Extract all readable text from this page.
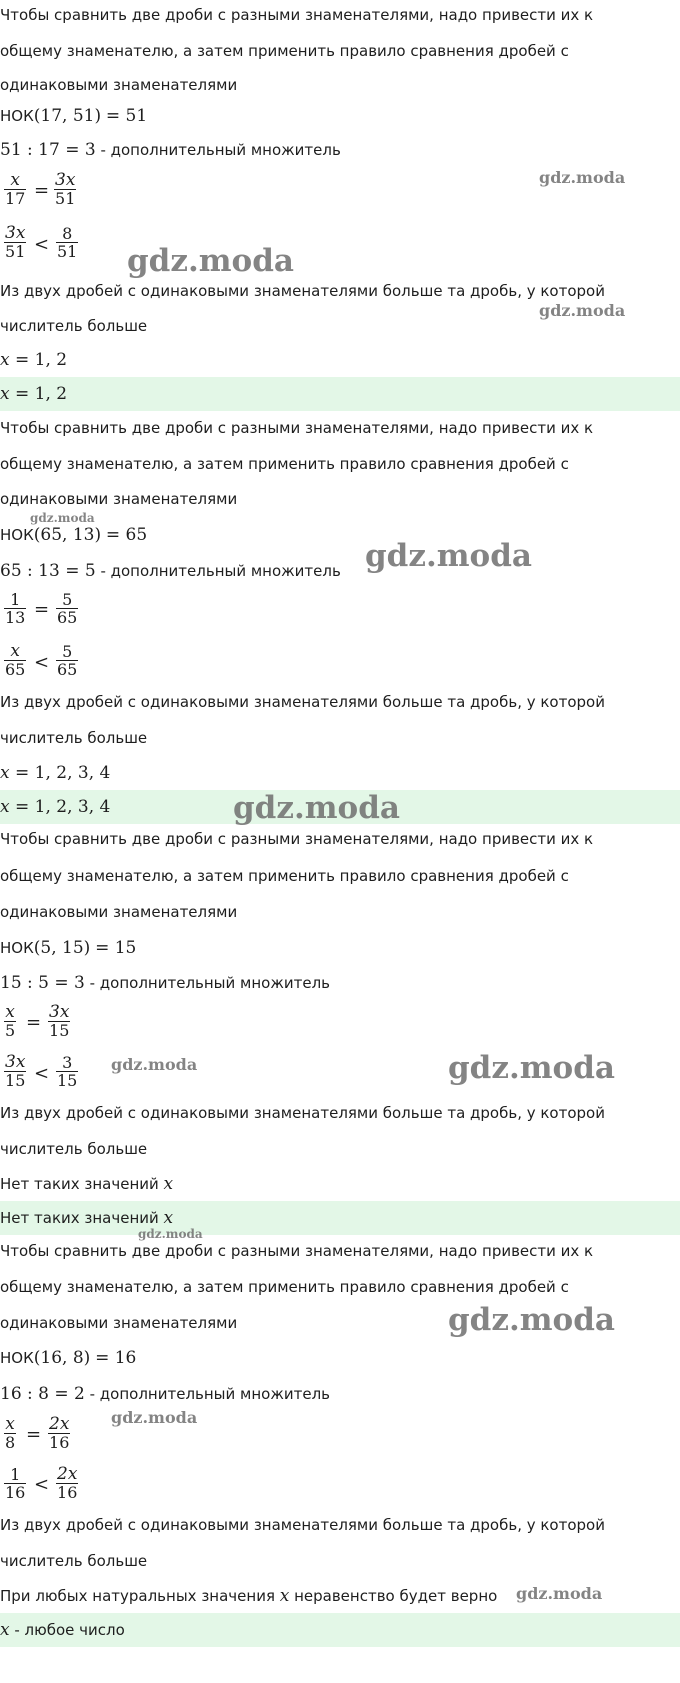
Чтобы сравнить две дроби с разными знаменателями, надо привести их к
общему знаменателю, а затем применить правило сравнения дробей с
одинаковыми знаменателями
НОК(17, 51) = 51
51 : 17 = 3 - дополнительный множитель
$\frac{x}{17} = \frac{3x}{51}$
$\frac{3x}{51} < \frac{8}{51}$
Из двух дробей с одинаковыми знаменателями больше та дробь, у которой
числитель больше
x = 1, 2
x = 1, 2
Чтобы сравнить две дроби с разными знаменателями, надо привести их к
общему знаменателю, а затем применить правило сравнения дробей с
одинаковыми знаменателями
НОК(65, 13) = 65
65 : 13 = 5 - дополнительный множитель
$\frac{1}{13} = \frac{5}{65}$
$\frac{x}{65} < \frac{5}{65}$
Из двух дробей с одинаковыми знаменателями больше та дробь, у которой
числитель больше
x = 1, 2, 3, 4
x = 1, 2, 3, 4
Чтобы сравнить две дроби с разными знаменателями, надо привести их к
общему знаменателю, а затем применить правило сравнения дробей с
одинаковыми знаменателями
НОК(5, 15) = 15
15 : 5 = 3 - дополнительный множитель
$\frac{x}{5} = \frac{3x}{15}$
$\frac{3x}{15} < \frac{3}{15}$
Из двух дробей с одинаковыми знаменателями больше та дробь, у которой
числитель больше
Нет таких значений x
Нет таких значений x
Чтобы сравнить две дроби с разными знаменателями, надо привести их к
общему знаменателю, а затем применить правило сравнения дробей с
одинаковыми знаменателями
НОК(16, 8) = 16
16 : 8 = 2 - дополнительный множитель
$\frac{x}{8} = \frac{2x}{16}$
$\frac{1}{16} < \frac{2x}{16}$
Из двух дробей с одинаковыми знаменателями больше та дробь, у которой
числитель больше
При любых натуральных значения x неравенство будет верно
x - любое число
gdz.moda
gdz.moda
gdz.moda
gdz.moda
gdz.moda
gdz.moda
gdz.moda	gdz.moda
gdz.moda
gdz.moda
gdz.moda
gdz.moda
